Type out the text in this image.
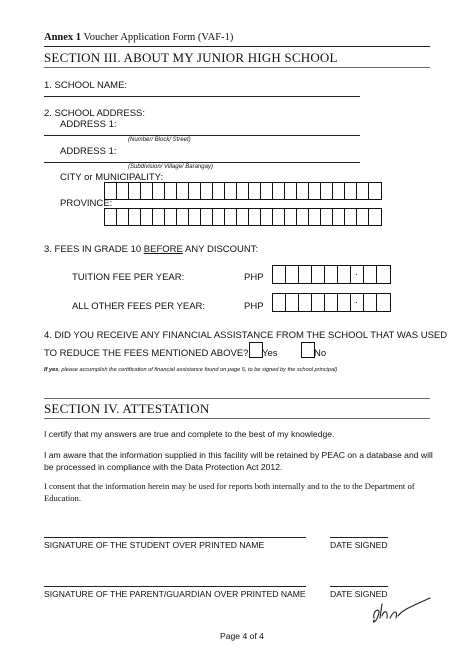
Annex 1 Voucher Application Form (VAF-1)
SECTION III. ABOUT MY JUNIOR HIGH SCHOOL
1. SCHOOL NAME:
2. SCHOOL ADDRESS:
ADDRESS 1:
(Number/ Block/ Street)
ADDRESS 1:
(Subdivision/ Village/ Barangay)
CITY or MUNICIPALITY:
PROVINCE:
3. FEES IN GRADE 10 BEFORE ANY DISCOUNT:
TUITION FEE PER YEAR:	PHP
.
ALL OTHER FEES PER YEAR:	PHP
.
4. DID YOU RECEIVE ANY FINANCIAL ASSISTANCE FROM THE SCHOOL THAT WAS USED
TO REDUCE THE FEES MENTIONED ABOVE? Yes	No
If yes, please accomplish the certification of financial assistance found on page 5, to be signed by the school principal)
SECTION IV. ATTESTATION
I certify that my answers are true and complete to the best of my knowledge.
I am aware that the information supplied in this facility will be retained by PEAC on a database and will be processed in compliance with the Data Protection Act 2012.
I consent that the information herein may be used for reports both internally and to the to the Department of Education.
SIGNATURE OF THE STUDENT OVER PRINTED NAME	DATE SIGNED
SIGNATURE OF THE PARENT/GUARDIAN OVER PRINTED NAME	DATE SIGNED
Page 4 of 4
